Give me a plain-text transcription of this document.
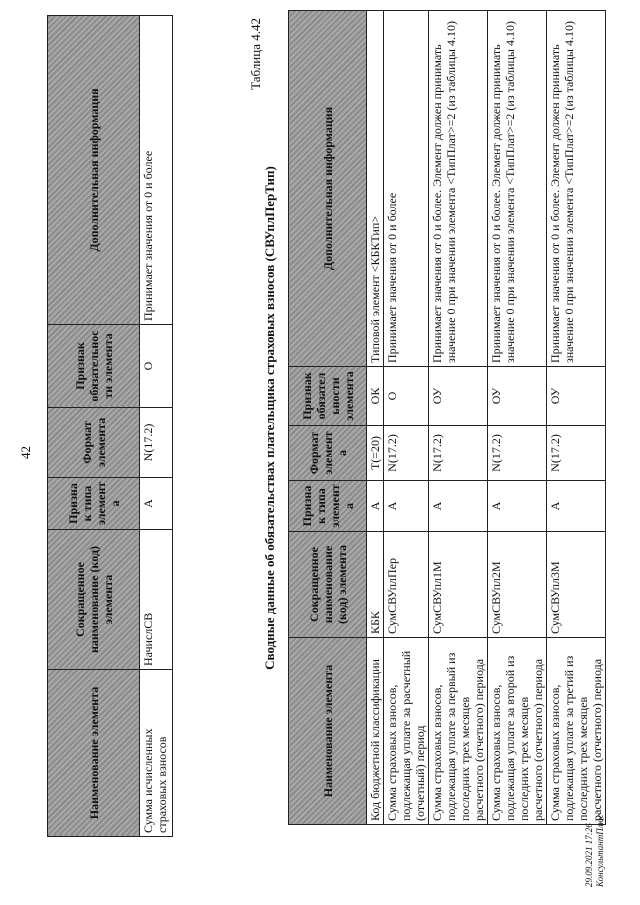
42
Наименование элемента	Сокращенное наименование (код) элемента	Признак типа элемента	Формат элемента	Признак обязательности элемента	Дополнительная информация
Сумма исчисленных страховых взносов	НачислСВ	А	N(17.2)	О	Принимает значения от 0 и более
Таблица 4.42
Сводные данные об обязательствах плательщика страховых взносов (СВУплПерТип)
Наименование элемента	Сокращенное наименование (код) элемента	Признак типа элемента	Формат элемента	Признак обязательности элемента	Дополнительная информация
Код бюджетной классификации	КБК	А	T(=20)	ОК	Типовой элемент <КБКТип>
Сумма страховых взносов, подлежащая уплате за расчетный (отчетный) период	СумСВУплПер	А	N(17.2)	О	Принимает значения от 0 и более
Сумма страховых взносов, подлежащая уплате за первый из последних трех месяцев расчетного (отчетного) периода	СумСВУпл1М	А	N(17.2)	ОУ	Принимает значения от 0 и более. Элемент должен принимать значение 0 при значении элемента <ТипПлат>=2 (из таблицы 4.10)
Сумма страховых взносов, подлежащая уплате за второй из последних трех месяцев расчетного (отчетного) периода	СумСВУпл2М	А	N(17.2)	ОУ	Принимает значения от 0 и более. Элемент должен принимать значение 0 при значении элемента <ТипПлат>=2 (из таблицы 4.10)
Сумма страховых взносов, подлежащая уплате за третий из последних трех месяцев расчетного (отчетного) периода	СумСВУпл3М	А	N(17.2)	ОУ	Принимает значения от 0 и более. Элемент должен принимать значение 0 при значении элемента <ТипПлат>=2 (из таблицы 4.10)
29.09.2021 17:26 КонсультантПлюс
